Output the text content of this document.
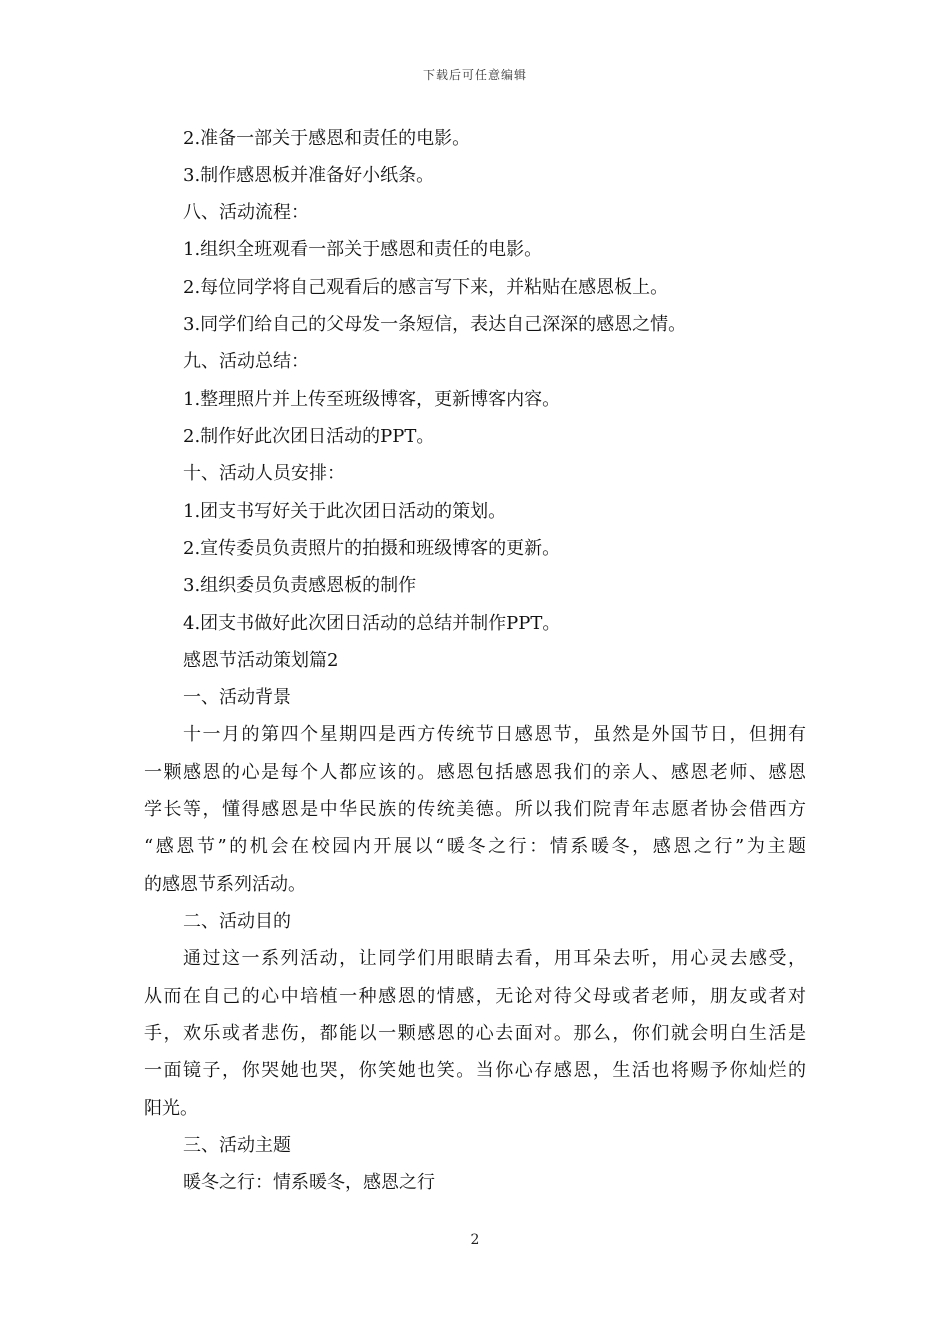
下载后可任意编辑
2.准备一部关于感恩和责任的电影。
3.制作感恩板并准备好小纸条。
八、活动流程：
1.组织全班观看一部关于感恩和责任的电影。
2.每位同学将自己观看后的感言写下来，并粘贴在感恩板上。
3.同学们给自己的父母发一条短信，表达自己深深的感恩之情。
九、活动总结：
1.整理照片并上传至班级博客，更新博客内容。
2.制作好此次团日活动的PPT。
十、活动人员安排：
1.团支书写好关于此次团日活动的策划。
2.宣传委员负责照片的拍摄和班级博客的更新。
3.组织委员负责感恩板的制作
4.团支书做好此次团日活动的总结并制作PPT。
感恩节活动策划篇2
一、活动背景
十一月的第四个星期四是西方传统节日感恩节，虽然是外国节日，但拥有
一颗感恩的心是每个人都应该的。感恩包括感恩我们的亲人、感恩老师、感恩
学长等，懂得感恩是中华民族的传统美德。所以我们院青年志愿者协会借西方
“感恩节”的机会在校园内开展以“暖冬之行：情系暖冬，感恩之行”为主题
的感恩节系列活动。
二、活动目的
通过这一系列活动，让同学们用眼睛去看，用耳朵去听，用心灵去感受，
从而在自己的心中培植一种感恩的情感，无论对待父母或者老师，朋友或者对
手，欢乐或者悲伤，都能以一颗感恩的心去面对。那么，你们就会明白生活是
一面镜子，你哭她也哭，你笑她也笑。当你心存感恩，生活也将赐予你灿烂的
阳光。
三、活动主题
暖冬之行：情系暖冬，感恩之行
2
